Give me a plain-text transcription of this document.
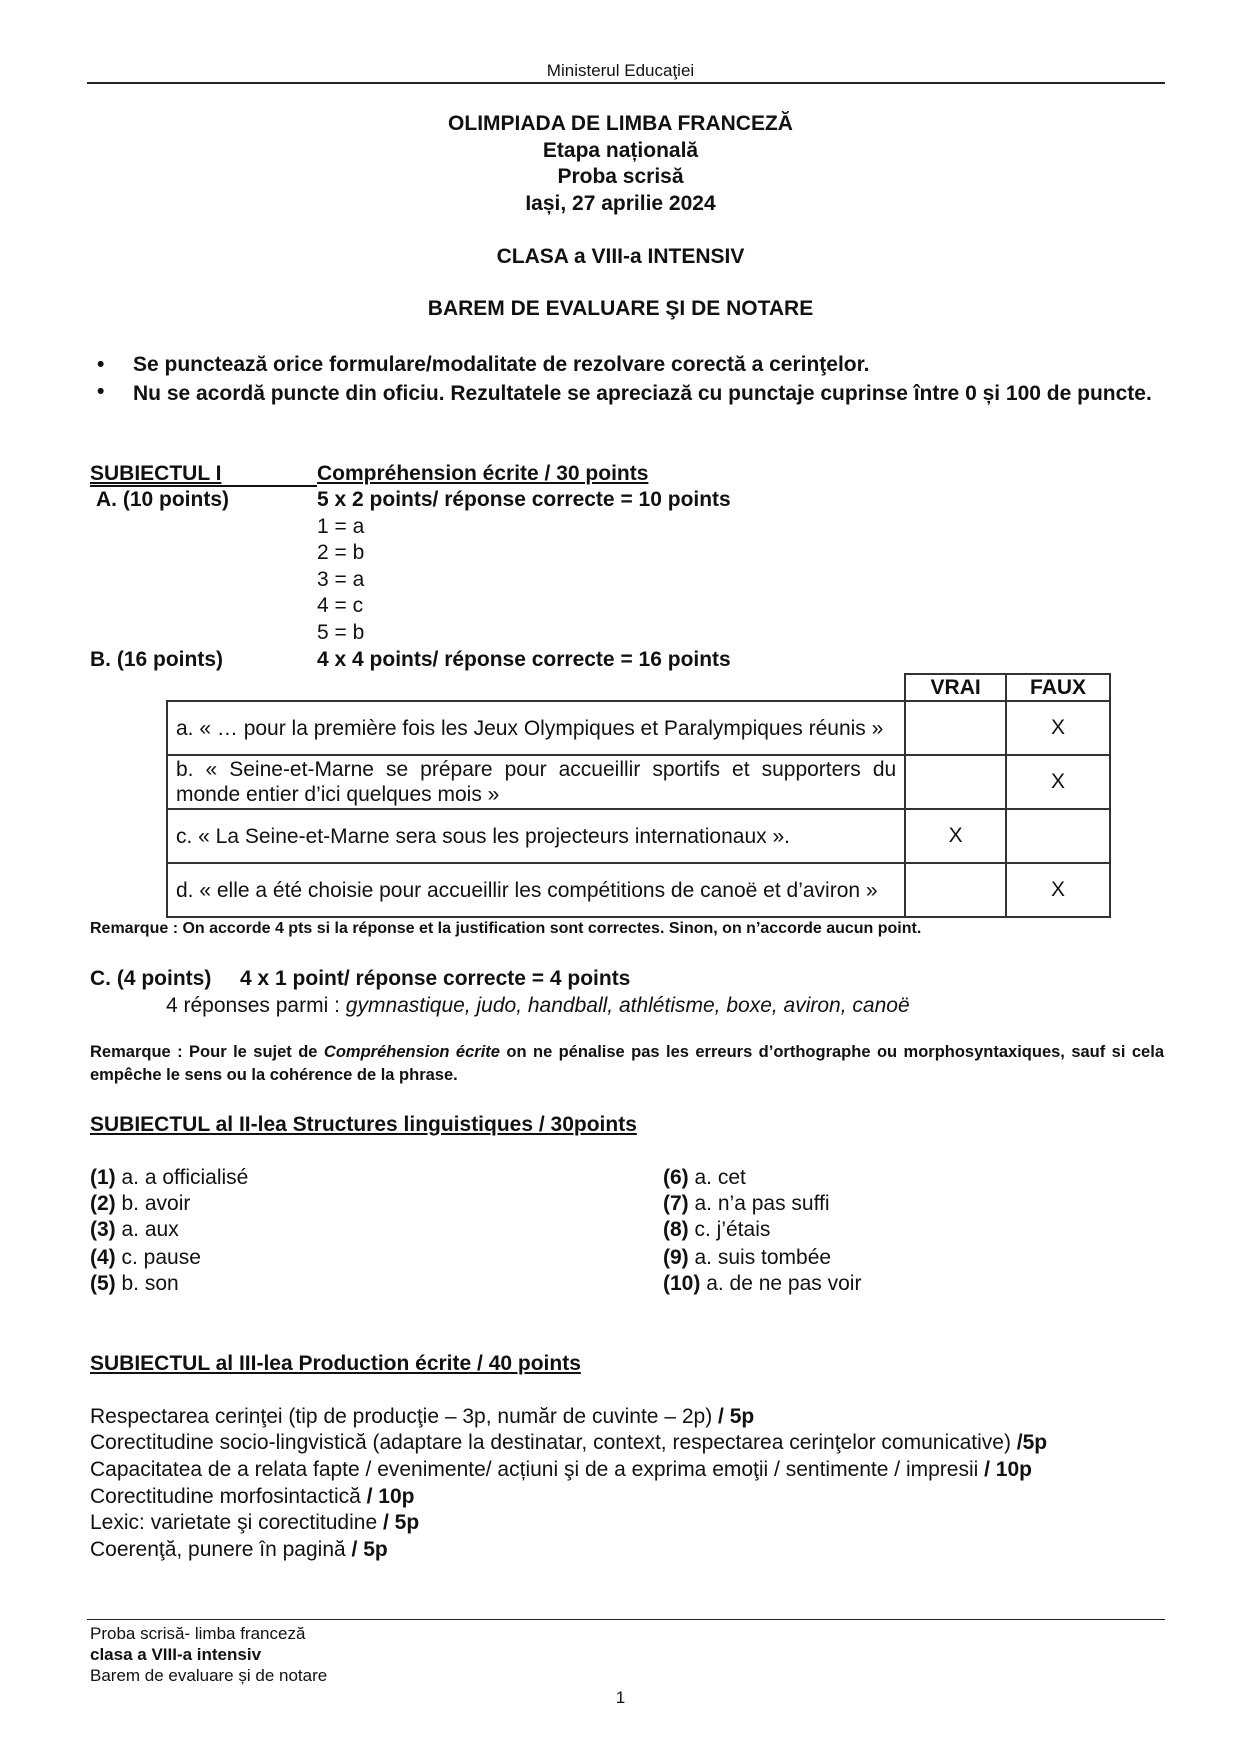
Ministerul Educaţiei
OLIMPIADA DE LIMBA FRANCEZĂ
Etapa națională
Proba scrisă
Iași, 27 aprilie 2024
CLASA a VIII-a INTENSIV
BAREM DE EVALUARE ŞI DE NOTARE
• Se punctează orice formulare/modalitate de rezolvare corectă a cerinţelor.
• Nu se acordă puncte din oficiu. Rezultatele se apreciază cu punctaje cuprinse între 0 și 100 de puncte.
SUBIECTUL I	Compréhension écrite / 30 points
A. (10 points)	5 x 2 points/ réponse correcte = 10 points
1 = a
2 = b
3 = a
4 = c
5 = b
B. (16 points)	4 x 4 points/ réponse correcte = 16 points
	VRAI	FAUX
a. « … pour la première fois les Jeux Olympiques et Paralympiques réunis »		X
b. « Seine-et-Marne se prépare pour accueillir sportifs et supporters du monde entier d’ici quelques mois »		X
c. « La Seine-et-Marne sera sous les projecteurs internationaux ».	X	
d. « elle a été choisie pour accueillir les compétitions de canoë et d’aviron »		X
Remarque : On accorde 4 pts si la réponse et la justification sont correctes. Sinon, on n’accorde aucun point.
C. (4 points) 4 x 1 point/ réponse correcte = 4 points
4 réponses parmi : gymnastique, judo, handball, athlétisme, boxe, aviron, canoë
Remarque : Pour le sujet de Compréhension écrite on ne pénalise pas les erreurs d’orthographe ou morphosyntaxiques, sauf si cela empêche le sens ou la cohérence de la phrase.
SUBIECTUL al II-lea Structures linguistiques / 30points
(1) a. a officialisé
(2) b. avoir
(3) a. aux
(4) c. pause
(5) b. son
(6) a. cet
(7) a. n’a pas suffi
(8) c. j’étais
(9) a. suis tombée
(10) a. de ne pas voir
SUBIECTUL al III-lea Production écrite / 40 points
Respectarea cerinţei (tip de producţie – 3p, număr de cuvinte – 2p) / 5p
Corectitudine socio-lingvistică (adaptare la destinatar, context, respectarea cerinţelor comunicative) /5p
Capacitatea de a relata fapte / evenimente/ acțiuni şi de a exprima emoţii / sentimente / impresii / 10p
Corectitudine morfosintactică / 10p
Lexic: varietate şi corectitudine / 5p
Coerenţă, punere în pagină / 5p
Proba scrisă- limba franceză
clasa a VIII-a intensiv
Barem de evaluare și de notare
1
